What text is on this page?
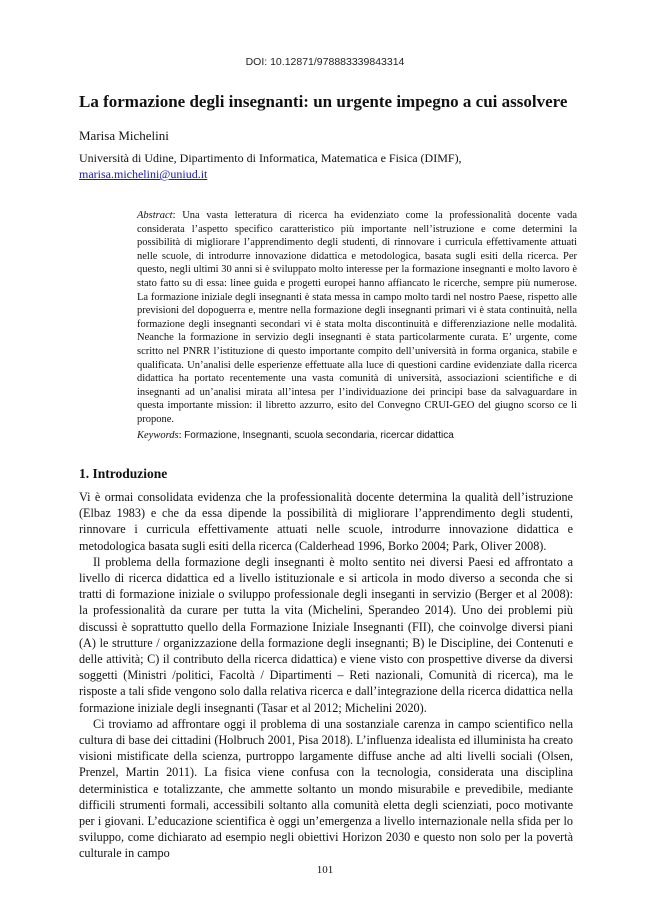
DOI: 10.12871/978883339843314
La formazione degli insegnanti: un urgente impegno a cui assolvere
Marisa Michelini
Università di Udine, Dipartimento di Informatica, Matematica e Fisica (DIMF),
marisa.michelini@uniud.it

Abstract: Una vasta letteratura di ricerca ha evidenziato come la professionalità docente vada considerata l’aspetto specifico caratteristico più importante nell’istruzione e come determini la possibilità di migliorare l’apprendimento degli studenti, di rinnovare i curricula effettivamente attuati nelle scuole, di introdurre innovazione didattica e metodologica, basata sugli esiti della ricerca. Per questo, negli ultimi 30 anni si è sviluppato molto interesse per la formazione insegnanti e molto lavoro è stato fatto su di essa: linee guida e progetti europei hanno affiancato le ricerche, sempre più numerose. La formazione iniziale degli insegnanti è stata messa in campo molto tardi nel nostro Paese, rispetto alle previsioni del dopoguerra e, mentre nella formazione degli insegnanti primari vi è stata continuità, nella formazione degli insegnanti secondari vi è stata molta discontinuità e differenziazione nelle modalità. Neanche la formazione in servizio degli insegnanti è stata particolarmente curata. E’ urgente, come scritto nel PNRR l’istituzione di questo importante compito dell’università in forma organica, stabile e qualificata. Un’analisi delle esperienze effettuate alla luce di questioni cardine evidenziate dalla ricerca didattica ha portato recentemente una vasta comunità di università, associazioni scientifiche e di insegnanti ad un’analisi mirata all’intesa per l’individuazione dei principi base da salvaguardare in questa importante mission: il libretto azzurro, esito del Convegno CRUI-GEO del giugno scorso ce li propone.

Keywords: Formazione, Insegnanti, scuola secondaria, ricercar didattica
1. Introduzione

Vi è ormai consolidata evidenza che la professionalità docente determina la qualità dell’istruzione (Elbaz 1983) e che da essa dipende la possibilità di migliorare l’apprendimento degli studenti, rinnovare i curricula effettivamente attuati nelle scuole, introdurre innovazione didattica e metodologica basata sugli esiti della ricerca (Calderhead 1996, Borko 2004; Park, Oliver 2008).

Il problema della formazione degli insegnanti è molto sentito nei diversi Paesi ed affrontato a livello di ricerca didattica ed a livello istituzionale e si articola in modo diverso a seconda che si tratti di formazione iniziale o sviluppo professionale degli inseganti in servizio (Berger et al 2008): la professionalità da curare per tutta la vita (Michelini, Sperandeo 2014). Uno dei problemi più discussi è soprattutto quello della Formazione Iniziale Insegnanti (FII), che coinvolge diversi piani (A) le strutture / organizzazione della formazione degli insegnanti; B) le Discipline, dei Contenuti e delle attività; C) il contributo della ricerca didattica) e viene visto con prospettive diverse da diversi soggetti (Ministri /politici, Facoltà / Dipartimenti – Reti nazionali, Comunità di ricerca), ma le risposte a tali sfide vengono solo dalla relativa ricerca e dall’integrazione della ricerca didattica nella formazione iniziale degli insegnanti (Tasar et al 2012; Michelini 2020).

Ci troviamo ad affrontare oggi il problema di una sostanziale carenza in campo scientifico nella cultura di base dei cittadini (Holbruch 2001, Pisa 2018). L’influenza idealista ed illuminista ha creato visioni mistificate della scienza, purtroppo largamente diffuse anche ad alti livelli sociali (Olsen, Prenzel, Martin 2011). La fisica viene confusa con la tecnologia, considerata una disciplina deterministica e totalizzante, che ammette soltanto un mondo misurabile e prevedibile, mediante difficili strumenti formali, accessibili soltanto alla comunità eletta degli scienziati, poco motivante per i giovani. L’educazione scientifica è oggi un’emergenza a livello internazionale nella sfida per lo sviluppo, come dichiarato ad esempio negli obiettivi Horizon 2030 e questo non solo per la povertà culturale in campo

101
